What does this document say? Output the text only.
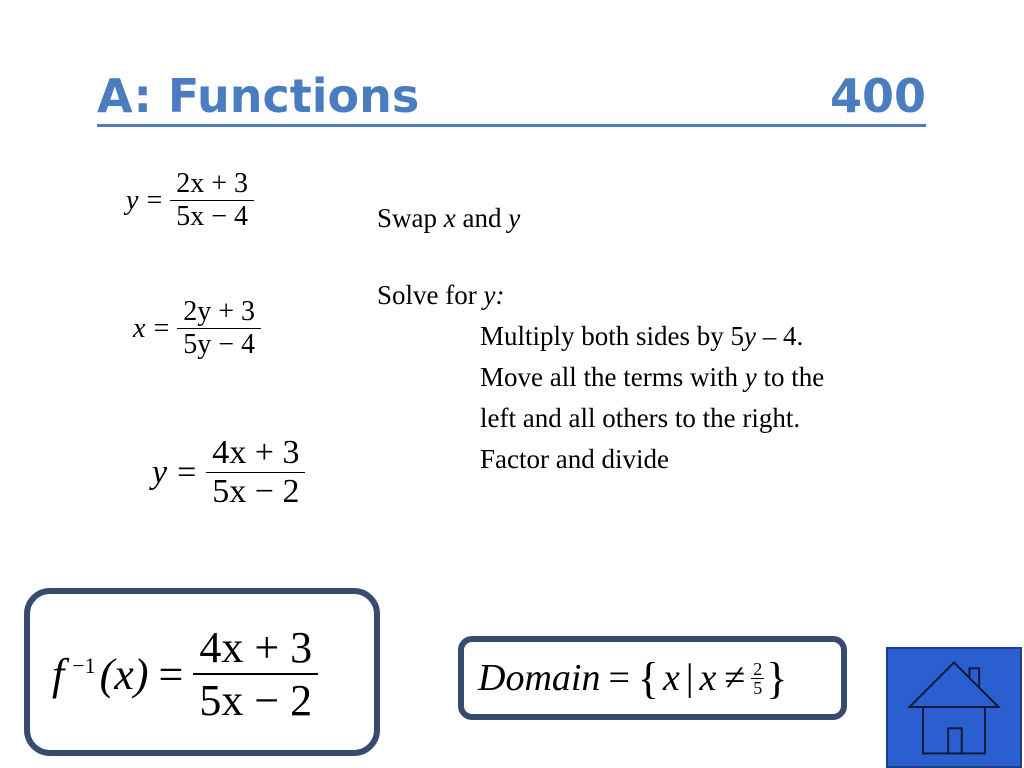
A: Functions	400
$y = \frac{2x + 3}{5x - 4}$
$x = \frac{2y + 3}{5y - 4}$
$y = \frac{4x + 3}{5x - 2}$
Swap x and y
Solve for y:
Multiply both sides by 5y – 4.
Move all the terms with y to the
left and all others to the right.
Factor and divide
f $^{-1}$ $(x) = \frac{4x + 3}{5x - 2}$	Domain = { x | $x \ne \frac{2}{5}$ }
